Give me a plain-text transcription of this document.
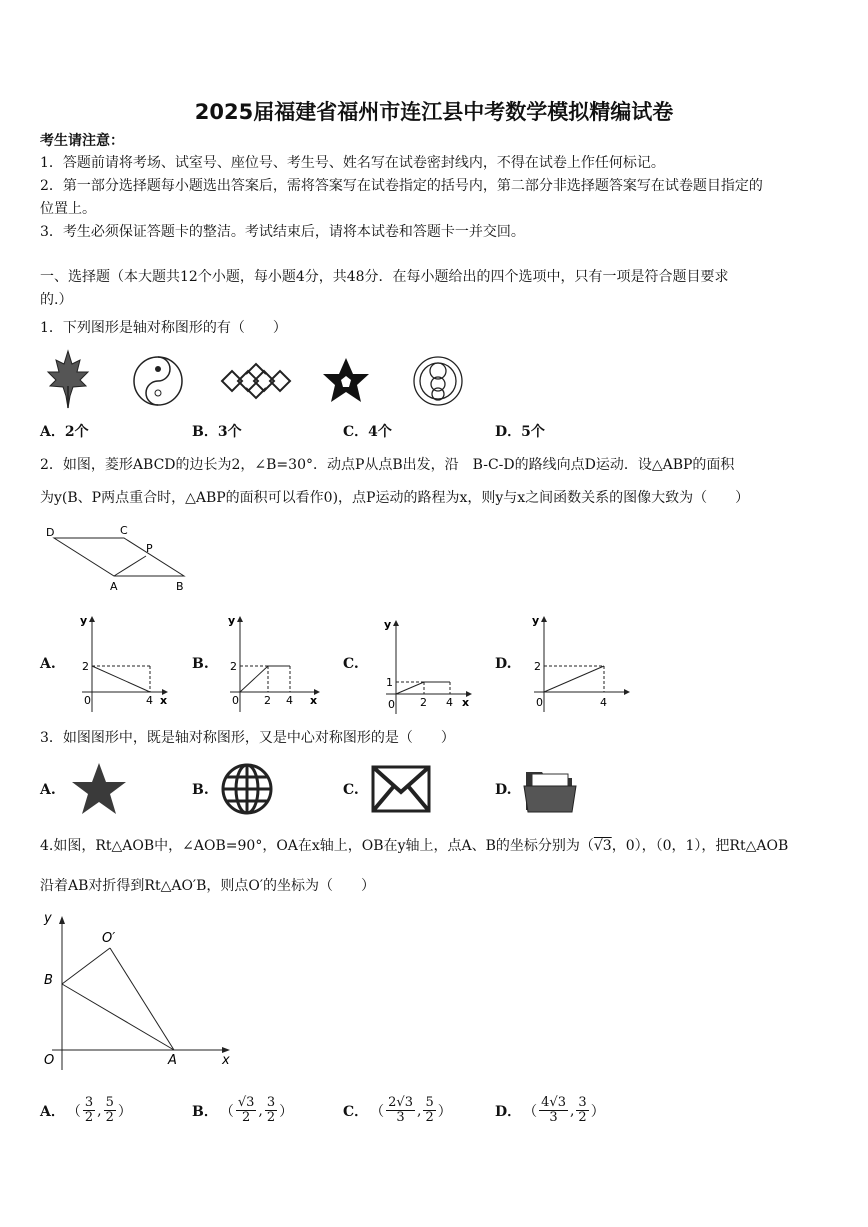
2025届福建省福州市连江县中考数学模拟精编试卷
考生请注意：
1．答题前请将考场、试室号、座位号、考生号、姓名写在试卷密封线内，不得在试卷上作任何标记。
2．第一部分选择题每小题选出答案后，需将答案写在试卷指定的括号内，第二部分非选择题答案写在试卷题目指定的
位置上。
3．考生必须保证答题卡的整洁。考试结束后，请将本试卷和答题卡一并交回。
一、选择题（本大题共12个小题，每小题4分，共48分．在每小题给出的四个选项中，只有一项是符合题目要求
的.）
1．下列图形是轴对称图形的有（　　）
A．2个	B．3个	C．4个	D．5个
2．如图，菱形ABCD的边长为2，∠B=30°．动点P从点B出发，沿　B-C-D的路线向点D运动．设△ABP的面积
为y(B、P两点重合时，△ABP的面积可以看作0)，点P运动的路程为x，则y与x之间函数关系的图像大致为（　　）
D	C
P
A	B
A.
y
2
0	4 x
B.
y
2
0 2 4 x
C.
y
1
0 2 4 x
D.
y
2
0	4
3．如图图形中，既是轴对称图形，又是中心对称图形的是（　　）
A.	B.	C.	D.
4.如图，Rt△AOB中，∠AOB=90°，OA在x轴上，OB在y轴上，点A、B的坐标分别为（√3，0），（0，1），把Rt△AOB
沿着AB对折得到Rt△AO′B，则点O′的坐标为（　　）
y
O′
B
O	A	x
A． （ $\frac{3}{2}$ , $\frac{5}{2}$ ）	B． （ $\frac{√3}{2}$ , $\frac{3}{2}$ ）	C． （ $\frac{2√3}{3}$ , $\frac{5}{2}$ ）	D． （ $\frac{4√3}{3}$ , $\frac{3}{2}$ ）
